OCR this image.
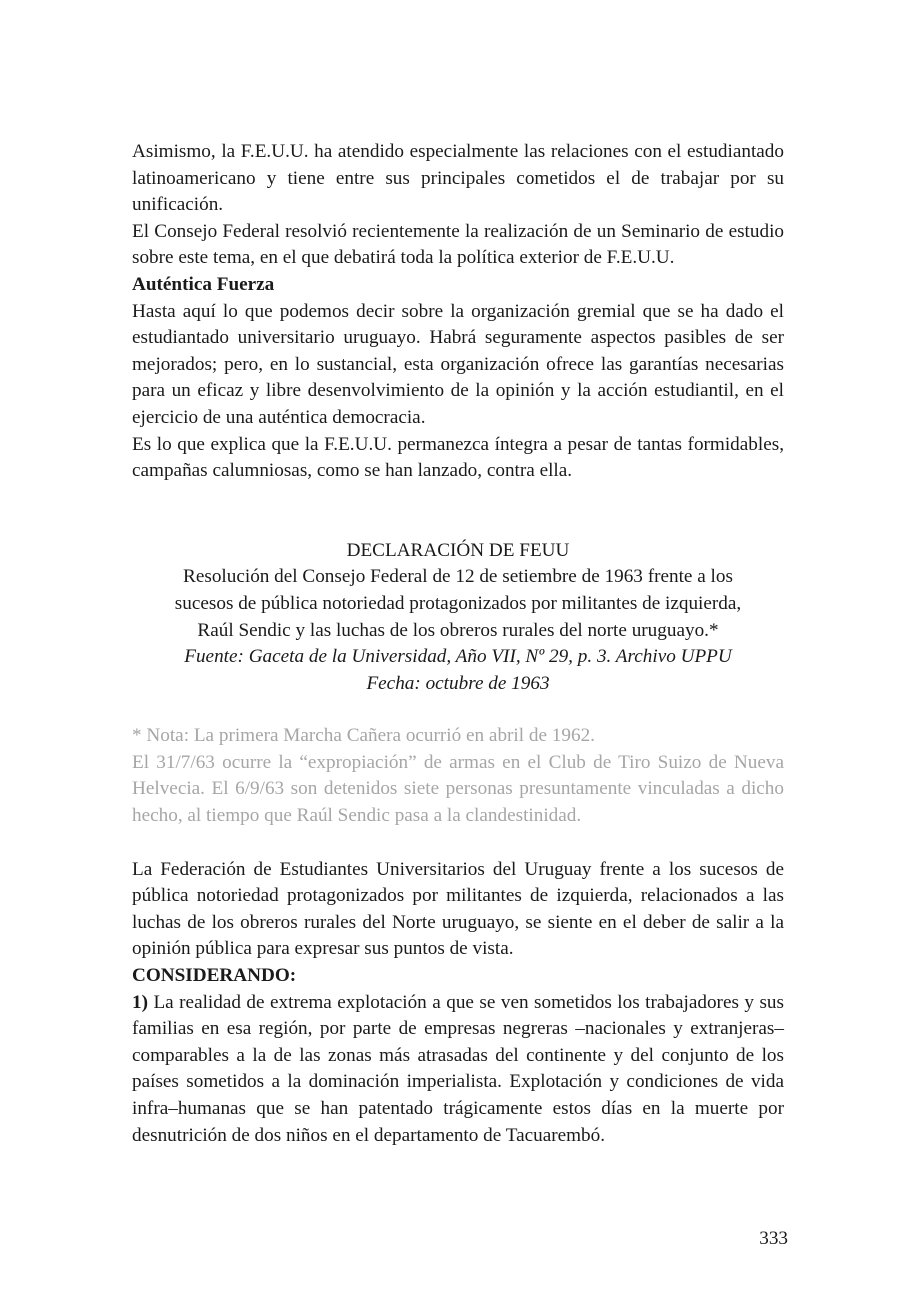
Asimismo, la F.E.U.U. ha atendido especialmente las relaciones con el estudiantado latinoamericano y tiene entre sus principales cometidos el de trabajar por su unificación.

El Consejo Federal resolvió recientemente la realización de un Seminario de estudio sobre este tema, en el que debatirá toda la política exterior de F.E.U.U.

Auténtica Fuerza

Hasta aquí lo que podemos decir sobre la organización gremial que se ha dado el estudiantado universitario uruguayo. Habrá seguramente aspectos pasibles de ser mejorados; pero, en lo sustancial, esta organización ofrece las garantías necesarias para un eficaz y libre desenvolvimiento de la opinión y la acción estudiantil, en el ejercicio de una auténtica democracia.

Es lo que explica que la F.E.U.U. permanezca íntegra a pesar de tantas formidables, campañas calumniosas, como se han lanzado, contra ella.

DECLARACIÓN DE FEUU

Resolución del Consejo Federal de 12 de setiembre de 1963 frente a los

sucesos de pública notoriedad protagonizados por militantes de izquierda,

Raúl Sendic y las luchas de los obreros rurales del norte uruguayo.*

Fuente: Gaceta de la Universidad, Año VII, Nº 29, p. 3. Archivo UPPU

Fecha: octubre de 1963

* Nota: La primera Marcha Cañera ocurrió en abril de 1962.

El 31/7/63 ocurre la “expropiación” de armas en el Club de Tiro Suizo de Nueva Helvecia. El 6/9/63 son detenidos siete personas presuntamente vinculadas a dicho hecho, al tiempo que Raúl Sendic pasa a la clandestinidad.

La Federación de Estudiantes Universitarios del Uruguay frente a los sucesos de pública notoriedad protagonizados por militantes de izquierda, relacionados a las luchas de los obreros rurales del Norte uruguayo, se siente en el deber de salir a la opinión pública para expresar sus puntos de vista.

CONSIDERANDO:

1) La realidad de extrema explotación a que se ven sometidos los trabajadores y sus familias en esa región, por parte de empresas negreras –nacionales y extranjeras– comparables a la de las zonas más atrasadas del continente y del conjunto de los países sometidos a la dominación imperialista. Explotación y condiciones de vida infra–humanas que se han patentado trágicamente estos días en la muerte por desnutrición de dos niños en el departamento de Tacuarembó.

333
